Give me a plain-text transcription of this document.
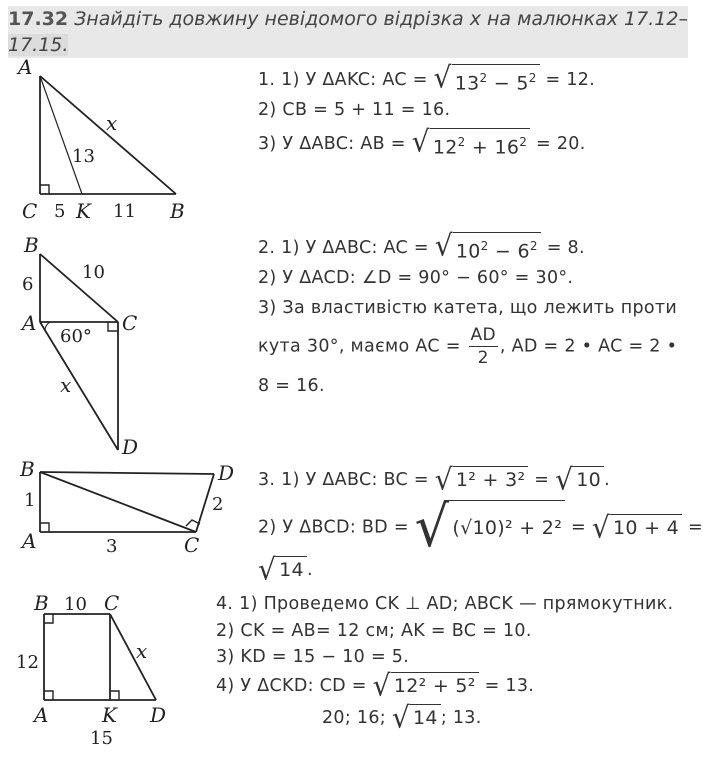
17.32 Знайдіть довжину невідомого відрізка x на малюнках 17.12–
17.15.
A
C K	B
x
13
5	11
B
A	C
D
6
10
60°
x
B	D
A	C
1
3
2
B	C
A	K D
10
12	x
15
1. 1) У ΔAKC: AC = √ $13^2 - 5^2 = 12$.
2) CB = 5 + 11 = 16.
3) У ΔABC: AB = √ $12^2 + 16^2 = 20$.
2. 1) У ΔABC: AC = √ $10^2 - 6^2 = 8$.
2) У ΔACD: ∠D = 90° − 60° = 30°.
3) За властивістю катета, що лежить проти
кута 30°, маємо AC = $\frac{AD}{2}$ , AD = 2 • AC = 2 •
8 = 16.
3. 1) У ΔABC: BC = √ 1² + 3² = √ 10 .
2) У ΔBCD: BD = √ (√10)² + 2² = √ 10 + 4 =
√ 14 .
4. 1) Проведемо CK ⊥ AD; ABCK — прямокутник.
2) CK = AB= 12 см; AK = BC = 10.
3) KD = 15 − 10 = 5.
4) У ΔCKD: CD = √ 12² + 5² = 13.
20; 16; √ 14 ; 13.
